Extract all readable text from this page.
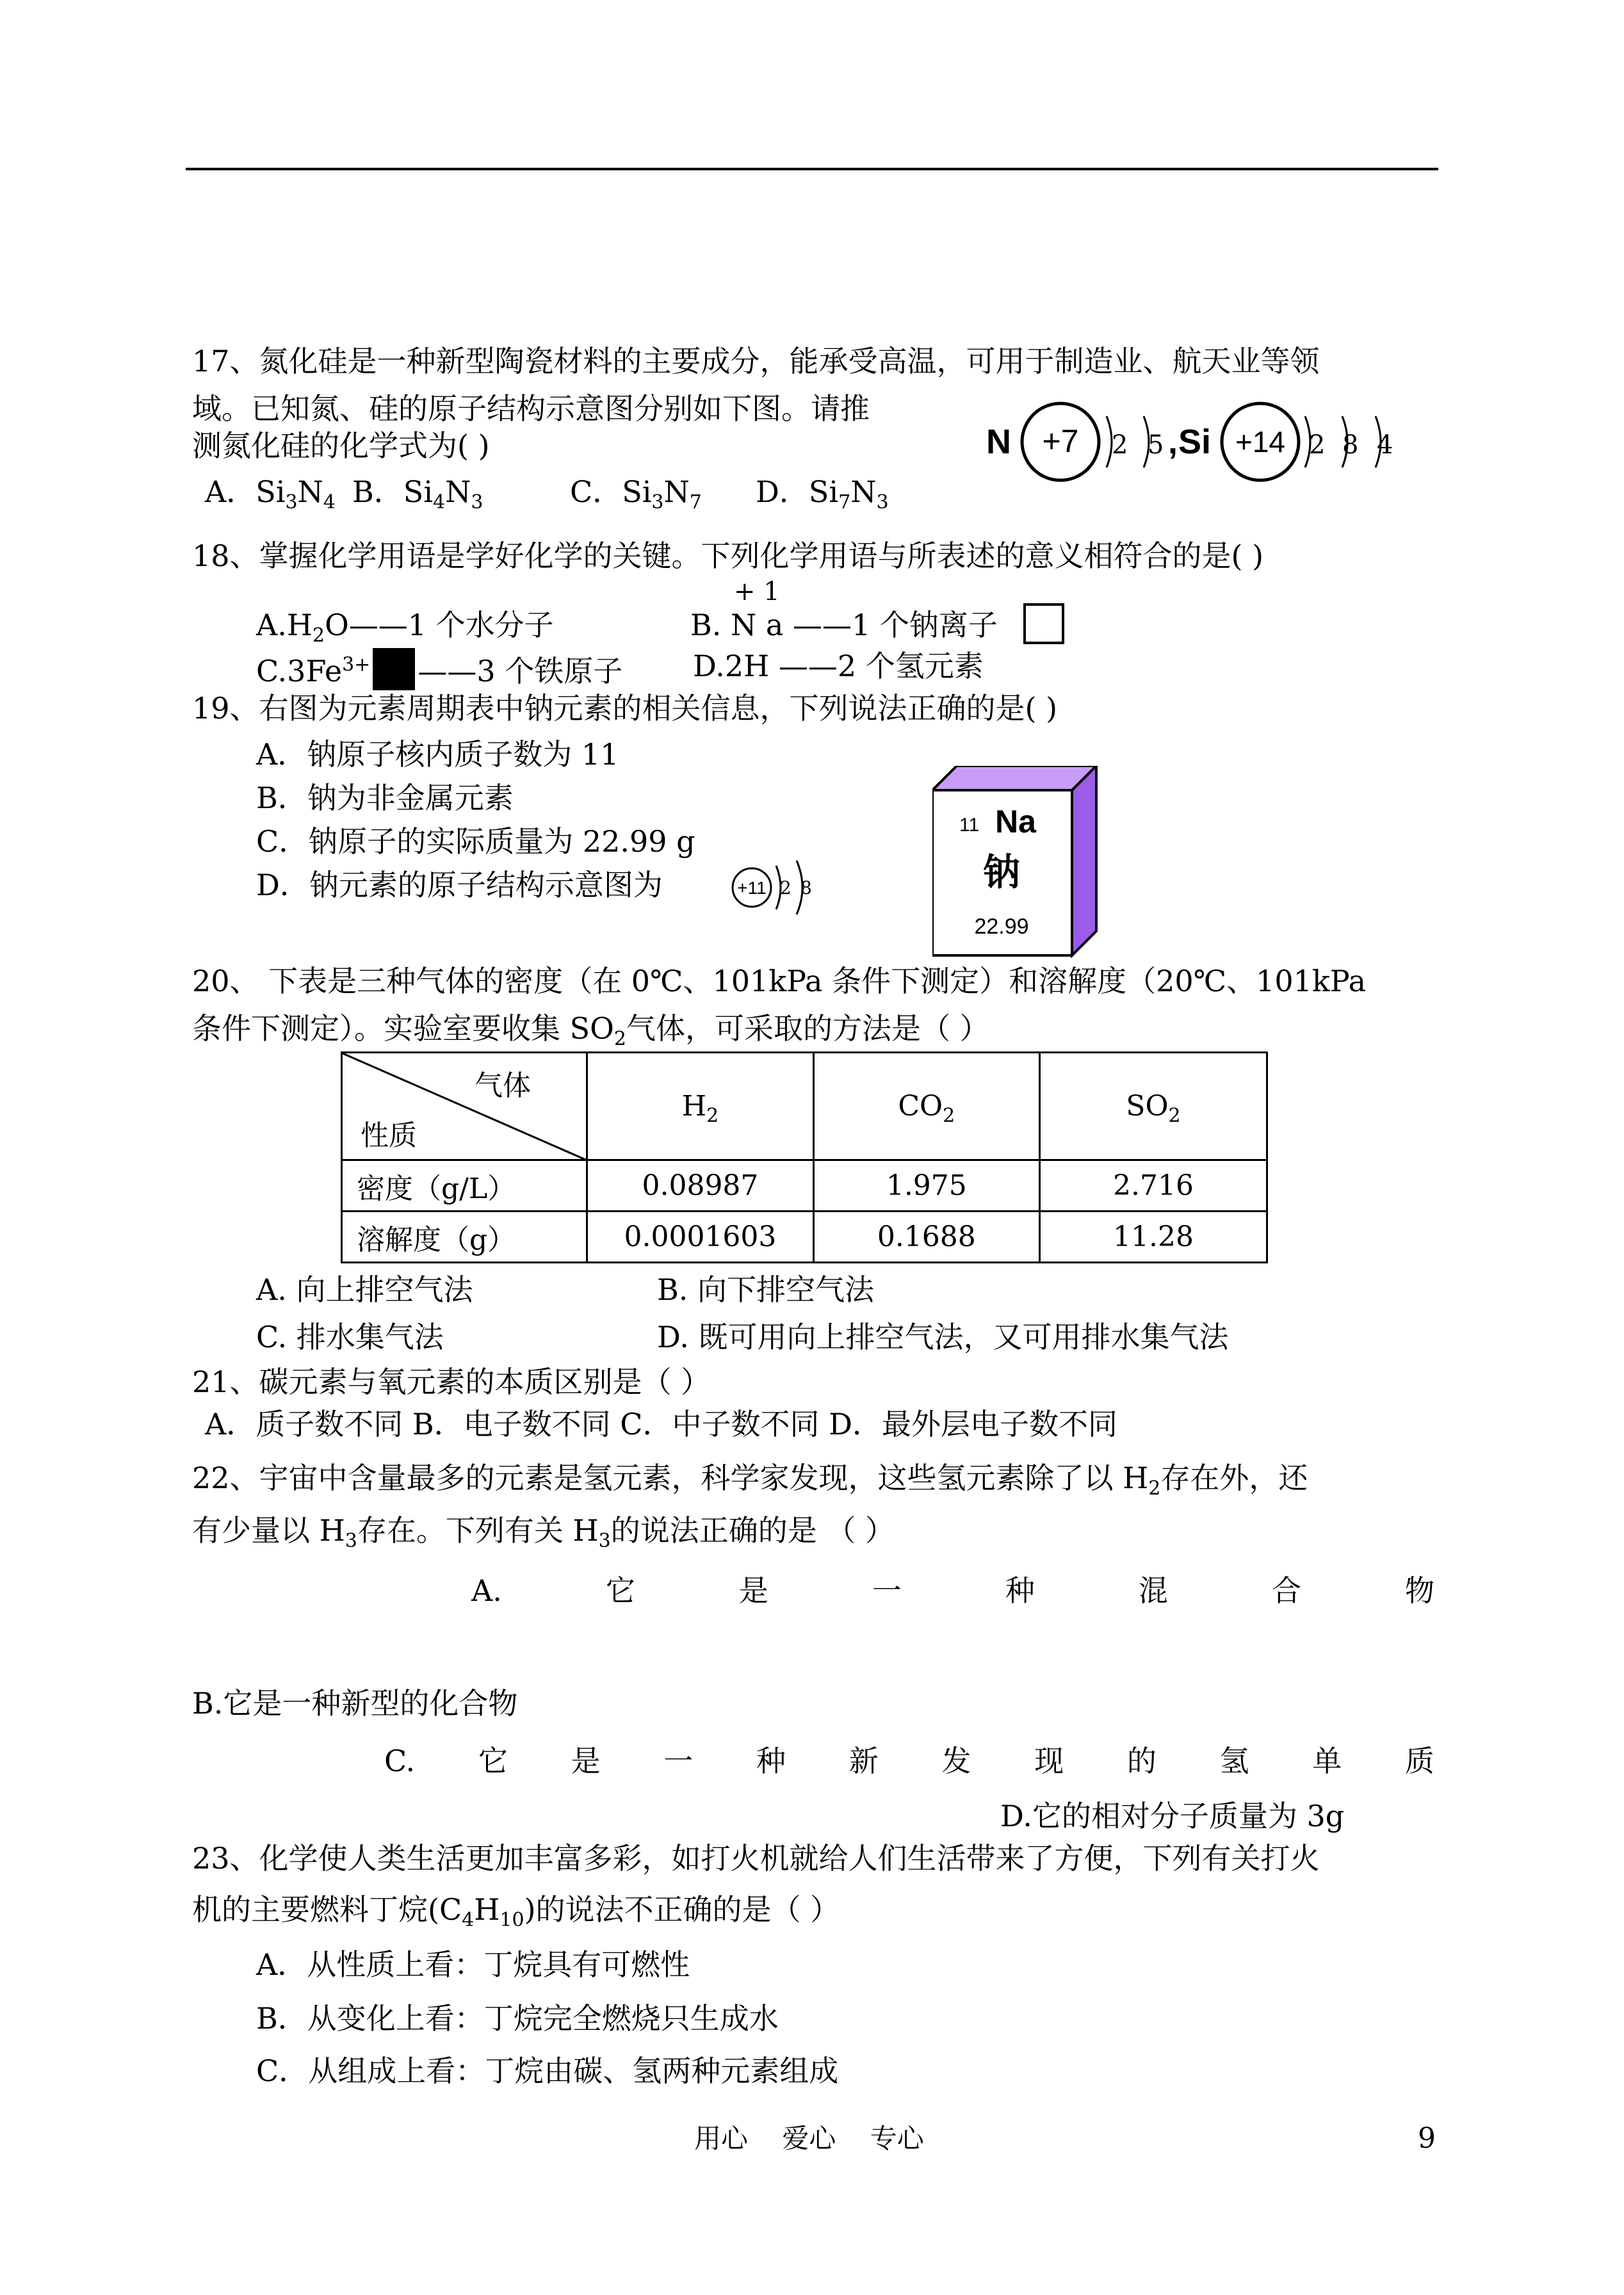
17、氮化硅是一种新型陶瓷材料的主要成分，能承受高温，可用于制造业、航天业等领
域。已知氮、硅的原子结构示意图分别如下图。请推
测氮化硅的化学式为( )
A．$Si_3N_4$ B．$Si_4N_3$	C．$Si_3N_7$ D．$Si_7N_3$
N +7 2 5 , Si +14 2 8 4
18、掌握化学用语是学好化学的关键。下列化学用语与所表述的意义相符合的是( )
+ 1
$A.H_2O——1$ 个水分子	B. N a ——1 个钠离子
$C.3Fe^{3+}$ ——3 个铁原子 D.2H ——2 个氢元素
19、右图为元素周期表中钠元素的相关信息，下列说法正确的是( )
A．钠原子核内质子数为 11
B．钠为非金属元素
C．钠原子的实际质量为 22.99 g
D．钠元素的原子结构示意图为	+11 2 8
11 Na
钠
22.99
20、 下表是三种气体的密度（在 0℃、101kPa 条件下测定）和溶解度（20℃、101kPa
条件下测定）。实验室要收集 $SO_2$气体，可采取的方法是（ ）
气体
性质	$H_2$	$CO_2$	$SO_2$
密度（g/L）	0.08987	1.975	2.716
溶解度（g）	0.0001603	0.1688	11.28
A. 向上排空气法	B. 向下排空气法
C. 排水集气法	D. 既可用向上排空气法，又可用排水集气法
21、碳元素与氧元素的本质区别是（ ）
A．质子数不同 B．电子数不同 C．中子数不同 D．最外层电子数不同
22、宇宙中含量最多的元素是氢元素，科学家发现，这些氢元素除了以 $H_2$存在外，还
有少量以 $H_3$存在。下列有关 $H_3$的说法正确的是 （ ）
A.	它	是	一	种	混	合	物
B.它是一种新型的化合物
C. 它 是 一 种 新 发 现 的 氢 单 质
D.它的相对分子质量为 3g
23、化学使人类生活更加丰富多彩，如打火机就给人们生活带来了方便，下列有关打火
机的主要燃料丁烷$(C_4H_{10})$的说法不正确的是（ ）
A．从性质上看：丁烷具有可燃性
B．从变化上看：丁烷完全燃烧只生成水
C．从组成上看：丁烷由碳、氢两种元素组成
用心    爱心    专心	9
